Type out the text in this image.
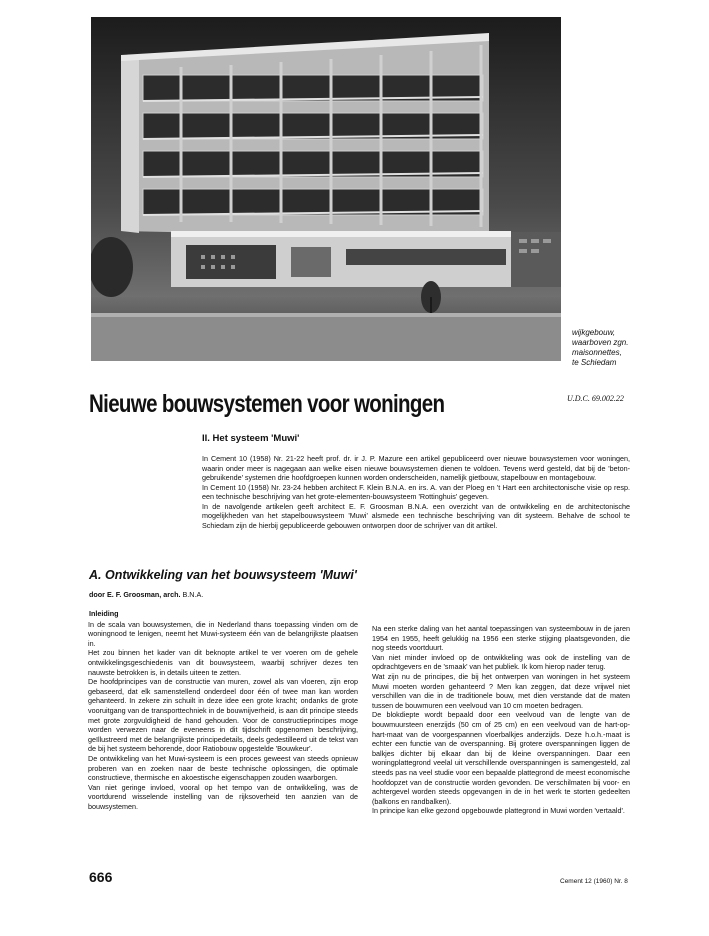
wijkgebouw,
waarboven zgn.
maisonnettes,
te Schiedam
U.D.C. 69.002.22
Nieuwe bouwsystemen voor woningen
II. Het systeem 'Muwi'

In Cement 10 (1958) Nr. 21-22 heeft prof. dr. ir J. P. Mazure een artikel gepubliceerd over nieuwe bouwsystemen voor woningen, waarin onder meer is nagegaan aan welke eisen nieuwe bouwsystemen dienen te voldoen. Tevens werd gesteld, dat bij de 'beton-gebruikende' systemen drie hoofdgroepen kunnen worden onderscheiden, namelijk gietbouw, stapelbouw en montagebouw.

In Cement 10 (1958) Nr. 23-24 hebben architect F. Klein B.N.A. en irs. A. van der Ploeg en 't Hart een architectonische visie op resp. een technische beschrijving van het grote-elementen-bouwsysteem 'Rottinghuis' gegeven.

In de navolgende artikelen geeft architect E. F. Groosman B.N.A. een overzicht van de ontwikkeling en de architectonische mogelijkheden van het stapelbouwsysteem 'Muwi' alsmede een technische beschrijving van dit systeem. Behalve de school te Schiedam zijn de hierbij gepubliceerde gebouwen ontworpen door de schrijver van dit artikel.

A. Ontwikkeling van het bouwsysteem 'Muwi'
door E. F. Groosman, arch. B.N.A.
Inleiding

In de scala van bouwsystemen, die in Nederland thans toepassing vinden om de woningnood te lenigen, neemt het Muwi-systeem één van de belangrijkste plaatsen in.

Het zou binnen het kader van dit beknopte artikel te ver voeren om de gehele ontwikkelingsgeschiedenis van dit bouwsysteem, waarbij schrijver dezes ten nauwste betrokken is, in details uiteen te zetten.

De hoofdprincipes van de constructie van muren, zowel als van vloeren, zijn erop gebaseerd, dat elk samenstellend onderdeel door één of twee man kan worden gehanteerd. In zekere zin schuilt in deze idee een grote kracht; ondanks de grote vooruitgang van de transporttechniek in de bouwnijverheid, is aan dit principe steeds met grote zorgvuldigheid de hand gehouden. Voor de constructieprincipes moge worden verwezen naar de eveneens in dit tijdschrift opgenomen beschrijving, geïllustreerd met de belangrijkste principedetails, deels gedestilleerd uit de tekst van de bij het systeem behorende, door Ratiobouw opgestelde 'Bouwkeur'.

De ontwikkeling van het Muwi-systeem is een proces geweest van steeds opnieuw proberen van en zoeken naar de beste technische oplossingen, die optimale constructieve, thermische en akoestische eigenschappen zouden waarborgen.

Van niet geringe invloed, vooral op het tempo van de ontwikkeling, was de voortdurend wisselende instelling van de rijksoverheid ten aanzien van de bouwsystemen.

Na een sterke daling van het aantal toepassingen van systeembouw in de jaren 1954 en 1955, heeft gelukkig na 1956 een sterke stijging plaatsgevonden, die nog steeds voortduurt.

Van niet minder invloed op de ontwikkeling was ook de instelling van de opdrachtgevers en de 'smaak' van het publiek. Ik kom hierop nader terug.

Wat zijn nu de principes, die bij het ontwerpen van woningen in het systeem Muwi moeten worden gehanteerd ? Men kan zeggen, dat deze vrijwel niet verschillen van die in de traditionele bouw, met dien verstande dat de maten tussen de bouwmuren een veelvoud van 10 cm moeten bedragen.

De blokdiepte wordt bepaald door een veelvoud van de lengte van de bouwmuursteen enerzijds (50 cm of 25 cm) en een veelvoud van de hart-op-hart-maat van de voorgespannen vloerbalkjes anderzijds. Deze h.o.h.-maat is echter een functie van de overspanning. Bij grotere overspanningen liggen de balkjes dichter bij elkaar dan bij de kleine overspanningen. Daar een woningplattegrond veelal uit verschillende overspanningen is samengesteld, zal steeds pas na veel studie voor een bepaalde plattegrond de meest economische hoofdopzet van de constructie worden gevonden. De verschilmaten bij voor- en achtergevel worden steeds opgevangen in de in het werk te storten gedeelten (balkons en randbalken).

In principe kan elke gezond opgebouwde plattegrond in Muwi worden 'vertaald'.

666	Cement 12 (1960) Nr. 8
